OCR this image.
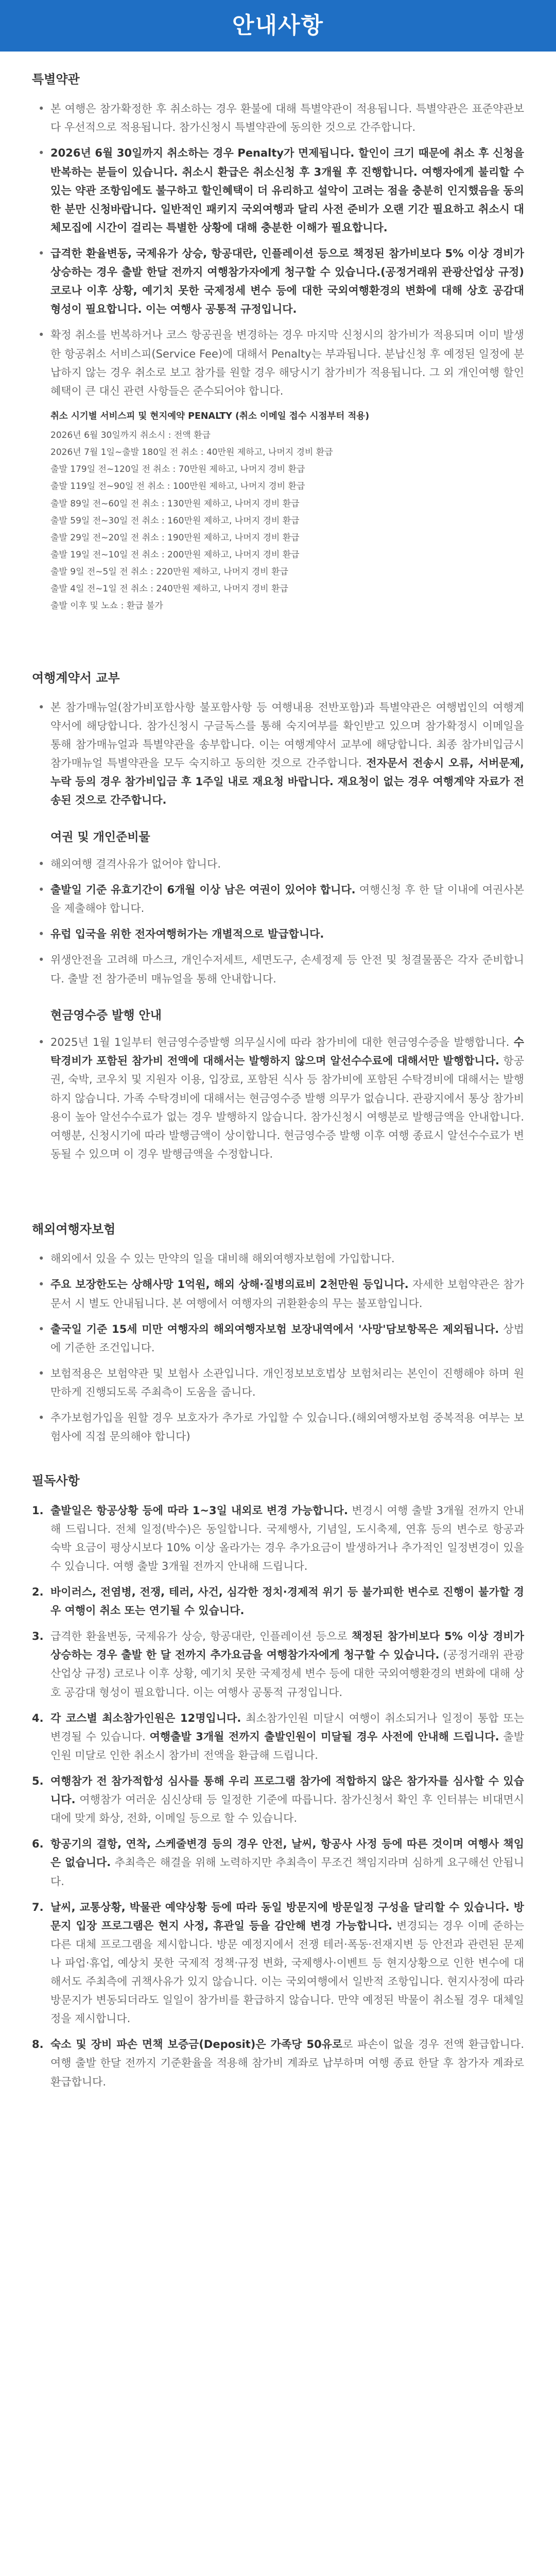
안내사항
특별약관
• 본 여행은 참가확정한 후 취소하는 경우 환불에 대해 특별약관이 적용됩니다. 특별약관은 표준약관보다 우선적으로 적용됩니다. 참가신청시 특별약관에 동의한 것으로 간주합니다.
• 2026년 6월 30일까지 취소하는 경우 Penalty가 면제됩니다. 할인이 크기 때문에 취소 후 신청을 반복하는 분들이 있습니다. 취소시 환급은 취소신청 후 3개월 후 진행합니다. 여행자에게 불리할 수 있는 약관 조항임에도 불구하고 할인혜택이 더 유리하고 설악이 고려는 점을 충분히 인지했음을 동의한 분만 신청바랍니다. 일반적인 패키지 국외여행과 달리 사전 준비가 오랜 기간 필요하고 취소시 대체모집에 시간이 걸리는 특별한 상황에 대해 충분한 이해가 필요합니다.
• 급격한 환율변동, 국제유가 상승, 항공대란, 인플레이션 등으로 책정된 참가비보다 5% 이상 경비가 상승하는 경우 출발 한달 전까지 여행참가자에게 청구할 수 있습니다.(공정거래위 관광산업상 규정) 코로나 이후 상황, 예기치 못한 국제정세 변수 등에 대한 국외여행환경의 변화에 대해 상호 공감대 형성이 필요합니다. 이는 여행사 공통적 규정입니다.
• 확정 취소를 번복하거나 코스 항공권을 변경하는 경우 마지막 신청시의 참가비가 적용되며 이미 발생한 항공취소 서비스피(Service Fee)에 대해서 Penalty는 부과됩니다. 분납신청 후 예정된 일정에 분납하지 않는 경우 취소로 보고 참가를 원할 경우 해당시기 참가비가 적용됩니다. 그 외 개인여행 할인혜택이 큰 대신 관련 사항들은 준수되어야 합니다.
취소 시기별 서비스피 및 현지예약 PENALTY (취소 이메일 접수 시점부터 적용)
2026년 6월 30일까지 취소시 : 전액 환급
2026년 7월 1일~출발 180일 전 취소 : 40만원 제하고, 나머지 경비 환급
출발 179일 전~120일 전 취소 : 70만원 제하고, 나머지 경비 환급
출발 119일 전~90일 전 취소 : 100만원 제하고, 나머지 경비 환급
출발 89일 전~60일 전 취소 : 130만원 제하고, 나머지 경비 환급
출발 59일 전~30일 전 취소 : 160만원 제하고, 나머지 경비 환급
출발 29일 전~20일 전 취소 : 190만원 제하고, 나머지 경비 환급
출발 19일 전~10일 전 취소 : 200만원 제하고, 나머지 경비 환급
출발 9일 전~5일 전 취소 : 220만원 제하고, 나머지 경비 환급
출발 4일 전~1일 전 취소 : 240만원 제하고, 나머지 경비 환급
출발 이후 및 노쇼 : 환급 불가
여행계약서 교부
• 본 참가매뉴얼(참가비포함사항 불포함사항 등 여행내용 전반포함)과 특별약관은 여행법인의 여행계약서에 해당합니다. 참가신청시 구글독스를 통해 숙지여부를 확인받고 있으며 참가확정시 이메일을 통해 참가매뉴얼과 특별약관을 송부합니다. 이는 여행계약서 교부에 해당합니다. 최종 참가비입금시 참가매뉴얼 특별약관을 모두 숙지하고 동의한 것으로 간주합니다. 전자문서 전송시 오류, 서버문제, 누락 등의 경우 참가비입금 후 1주일 내로 재요청 바랍니다. 재요청이 없는 경우 여행계약 자료가 전송된 것으로 간주합니다.
여권 및 개인준비물
• 해외여행 결격사유가 없어야 합니다.
• 출발일 기준 유효기간이 6개월 이상 남은 여권이 있어야 합니다. 여행신청 후 한 달 이내에 여권사본을 제출해야 합니다.
• 유럽 입국을 위한 전자여행허가는 개별적으로 발급합니다.
• 위생안전을 고려해 마스크, 개인수저세트, 세면도구, 손세정제 등 안전 및 청결물품은 각자 준비합니다. 출발 전 참가준비 매뉴얼을 통해 안내합니다.
현금영수증 발행 안내
• 2025년 1월 1일부터 현금영수증발행 의무실시에 따라 참가비에 대한 현금영수증을 발행합니다. 수탁경비가 포함된 참가비 전액에 대해서는 발행하지 않으며 알선수수료에 대해서만 발행합니다. 항공권, 숙박, 코우치 및 지원자 이용, 입장료, 포함된 식사 등 참가비에 포함된 수탁경비에 대해서는 발행하지 않습니다. 가족 수탁경비에 대해서는 현금영수증 발행 의무가 없습니다. 관광지에서 통상 참가비용이 높아 알선수수료가 없는 경우 발행하지 않습니다. 참가신청시 여행분로 발행금액을 안내합니다. 여행분, 신청시기에 따라 발행금액이 상이합니다. 현금영수증 발행 이후 여행 종료시 알선수수료가 변동될 수 있으며 이 경우 발행금액을 수정합니다.
해외여행자보험
• 해외에서 있을 수 있는 만약의 일을 대비해 해외여행자보험에 가입합니다.
• 주요 보장한도는 상해사망 1억원, 해외 상해·질병의료비 2천만원 등입니다. 자세한 보험약관은 참가문서 시 별도 안내됩니다. 본 여행에서 여행자의 귀환환송의 무는 불포함입니다.
• 출국일 기준 15세 미만 여행자의 해외여행자보험 보장내역에서 '사망'담보항목은 제외됩니다. 상법에 기준한 조건입니다.
• 보험적용은 보험약관 및 보험사 소관입니다. 개인정보보호법상 보험처리는 본인이 진행해야 하며 원만하게 진행되도록 주최측이 도움을 줍니다.
• 추가보험가입을 원할 경우 보호자가 추가로 가입할 수 있습니다.(해외여행자보험 중복적용 여부는 보험사에 직접 문의해야 합니다)
필독사항
1. 출발일은 항공상황 등에 따라 1~3일 내외로 변경 가능합니다. 변경시 여행 출발 3개월 전까지 안내해 드립니다. 전체 일정(박수)은 동일합니다. 국제행사, 기념일, 도시축제, 연휴 등의 변수로 항공과 숙박 요금이 평상시보다 10% 이상 올라가는 경우 추가요금이 발생하거나 추가적인 일정변경이 있을 수 있습니다. 여행 출발 3개월 전까지 안내해 드립니다.
2. 바이러스, 전염병, 전쟁, 테러, 사건, 심각한 정치·경제적 위기 등 불가피한 변수로 진행이 불가할 경우 여행이 취소 또는 연기될 수 있습니다.
3. 급격한 환율변동, 국제유가 상승, 항공대란, 인플레이션 등으로 책정된 참가비보다 5% 이상 경비가 상승하는 경우 출발 한 달 전까지 추가요금을 여행참가자에게 청구할 수 있습니다. (공정거래위 관광산업상 규정) 코로나 이후 상황, 예기치 못한 국제정세 변수 등에 대한 국외여행환경의 변화에 대해 상호 공감대 형성이 필요합니다. 이는 여행사 공통적 규정입니다.
4. 각 코스별 최소참가인원은 12명입니다. 최소참가인원 미달시 여행이 취소되거나 일정이 통합 또는 변경될 수 있습니다. 여행출발 3개월 전까지 출발인원이 미달될 경우 사전에 안내해 드립니다. 출발인원 미달로 인한 취소시 참가비 전액을 환급해 드립니다.
5. 여행참가 전 참가적합성 심사를 통해 우리 프로그램 참가에 적합하지 않은 참가자를 심사할 수 있습니다. 여행참가 여러운 심신상태 등 일정한 기준에 따릅니다. 참가신청서 확인 후 인터뷰는 비대면시대에 맞게 화상, 전화, 이메일 등으로 할 수 있습니다.
6. 항공기의 결항, 연착, 스케줄변경 등의 경우 안전, 날씨, 항공사 사정 등에 따른 것이며 여행사 책임은 없습니다. 추최측은 해결을 위해 노력하지만 추최측이 무조건 책임지라며 심하게 요구해선 안됩니다.
7. 날씨, 교통상황, 박물관 예약상황 등에 따라 동일 방문지에 방문일정 구성을 달리할 수 있습니다. 방문지 입장 프로그램은 현지 사정, 휴관일 등을 감안해 변경 가능합니다. 변경되는 경우 이메 준하는 다른 대체 프로그램을 제시합니다. 방문 예정지에서 전쟁 테러·폭동·전재지변 등 안전과 관련된 문제나 파업·휴업, 예상치 못한 국제적 정책·규정 변화, 국제행사·이벤트 등 현지상황으로 인한 변수에 대해서도 주최측에 귀책사유가 있지 않습니다. 이는 국외여행에서 일반적 조항입니다. 현지사정에 따라 방문지가 변동되더라도 일일이 참가비를 환급하지 않습니다. 만약 예정된 박물이 취소될 경우 대체일정을 제시합니다.
8. 숙소 및 장비 파손 면책 보증금(Deposit)은 가족당 50유로로 파손이 없을 경우 전액 환급합니다. 여행 출발 한달 전까지 기준환율을 적용해 참가비 계좌로 납부하며 여행 종료 한달 후 참가자 계좌로 환급합니다.
